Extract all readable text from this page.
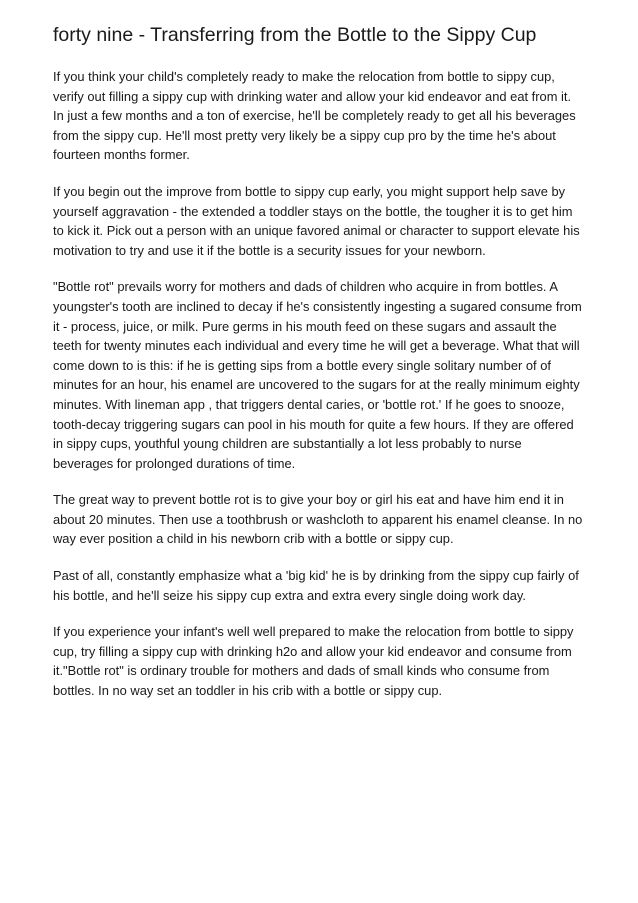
forty nine - Transferring from the Bottle to the Sippy Cup

If you think your child's completely ready to make the relocation from bottle to sippy cup,
verify out filling a sippy cup with drinking water and allow your kid endeavor and eat from it.
In just a few months and a ton of exercise, he'll be completely ready to get all his beverages
from the sippy cup. He'll most pretty very likely be a sippy cup pro by the time he's about
fourteen months former.

If you begin out the improve from bottle to sippy cup early, you might support help save by
yourself aggravation - the extended a toddler stays on the bottle, the tougher it is to get him
to kick it. Pick out a person with an unique favored animal or character to support elevate his
motivation to try and use it if the bottle is a security issues for your newborn.

"Bottle rot" prevails worry for mothers and dads of children who acquire in from bottles. A
youngster's tooth are inclined to decay if he's consistently ingesting a sugared consume from
it - process, juice, or milk. Pure germs in his mouth feed on these sugars and assault the
teeth for twenty minutes each individual and every time he will get a beverage. What that will
come down to is this: if he is getting sips from a bottle every single solitary number of of
minutes for an hour, his enamel are uncovered to the sugars for at the really minimum eighty
minutes. With lineman app , that triggers dental caries, or 'bottle rot.' If he goes to snooze,
tooth-decay triggering sugars can pool in his mouth for quite a few hours. If they are offered
in sippy cups, youthful young children are substantially a lot less probably to nurse
beverages for prolonged durations of time.

The great way to prevent bottle rot is to give your boy or girl his eat and have him end it in
about 20 minutes. Then use a toothbrush or washcloth to apparent his enamel cleanse. In no
way ever position a child in his newborn crib with a bottle or sippy cup.

Past of all, constantly emphasize what a 'big kid' he is by drinking from the sippy cup fairly of
his bottle, and he'll seize his sippy cup extra and extra every single doing work day.

If you experience your infant's well well prepared to make the relocation from bottle to sippy
cup, try filling a sippy cup with drinking h2o and allow your kid endeavor and consume from
it."Bottle rot" is ordinary trouble for mothers and dads of small kinds who consume from
bottles. In no way set an toddler in his crib with a bottle or sippy cup.
